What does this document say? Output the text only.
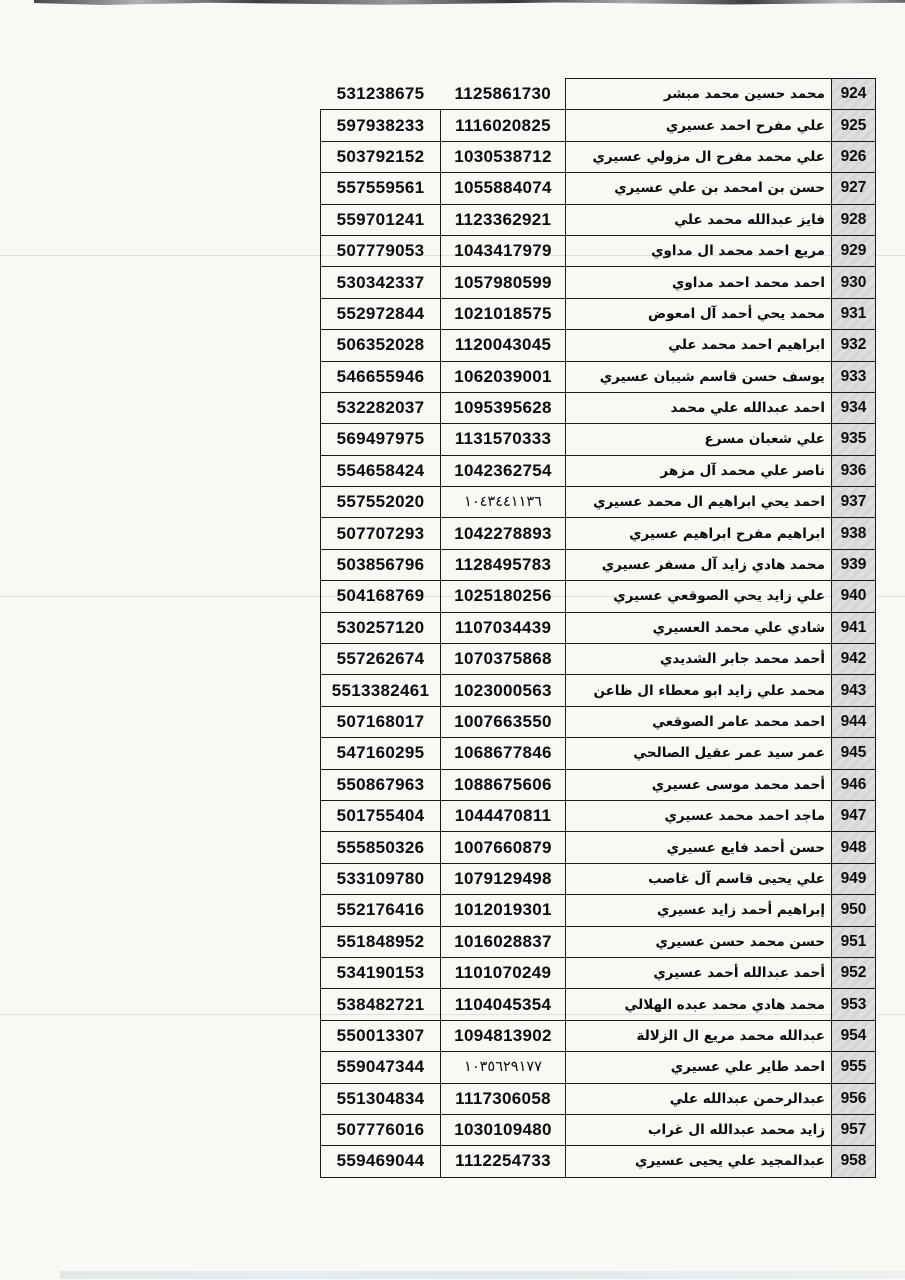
531238675	1125861730	محمد حسين محمد مبشر	924
597938233	1116020825	علي مفرح احمد عسيري	925
503792152	1030538712	علي محمد مفرح ال مزولي عسيري	926
557559561	1055884074	حسن بن امحمد بن علي عسيري	927
559701241	1123362921	فايز عبدالله محمد علي	928
507779053	1043417979	مريع احمد محمد ال مداوي	929
530342337	1057980599	احمد محمد احمد مداوي	930
552972844	1021018575	محمد يحي أحمد آل امعوض	931
506352028	1120043045	ابراهيم احمد محمد علي	932
546655946	1062039001	يوسف حسن قاسم شيبان عسيري	933
532282037	1095395628	احمد عبدالله علي محمد	934
569497975	1131570333	علي شعبان مسرع	935
554658424	1042362754	ناصر علي محمد آل مزهر	936
557552020	١٠٤٣٤٤١١٣٦	احمد يحي ابراهيم ال محمد عسيري	937
507707293	1042278893	ابراهيم مفرح ابراهيم عسيري	938
503856796	1128495783	محمد هادي زايد آل مسفر عسيري	939
504168769	1025180256	علي زايد يحي الصوقعي عسيري	940
530257120	1107034439	شادي علي محمد العسيري	941
557262674	1070375868	أحمد محمد جابر الشديدي	942
5513382461	1023000563	محمد علي زايد ابو معطاء ال ظاعن	943
507168017	1007663550	احمد محمد عامر الصوقعي	944
547160295	1068677846	عمر سيد عمر عقيل الصالحي	945
550867963	1088675606	أحمد محمد موسى عسيري	946
501755404	1044470811	ماجد احمد محمد عسيري	947
555850326	1007660879	حسن أحمد فايع عسيري	948
533109780	1079129498	علي يحيى قاسم آل غاصب	949
552176416	1012019301	إبراهيم أحمد زايد عسيري	950
551848952	1016028837	حسن محمد حسن عسيري	951
534190153	1101070249	أحمد عبدالله أحمد عسيري	952
538482721	1104045354	محمد هادي محمد عبده الهلالي	953
550013307	1094813902	عبدالله محمد مريع ال الزلالة	954
559047344	١٠٣٥٦٢٩١٧٧	احمد طاير علي عسيري	955
551304834	1117306058	عبدالرحمن عبدالله علي	956
507776016	1030109480	زايد محمد عبدالله ال غراب	957
559469044	1112254733	عبدالمجيد علي يحيى عسيري	958
